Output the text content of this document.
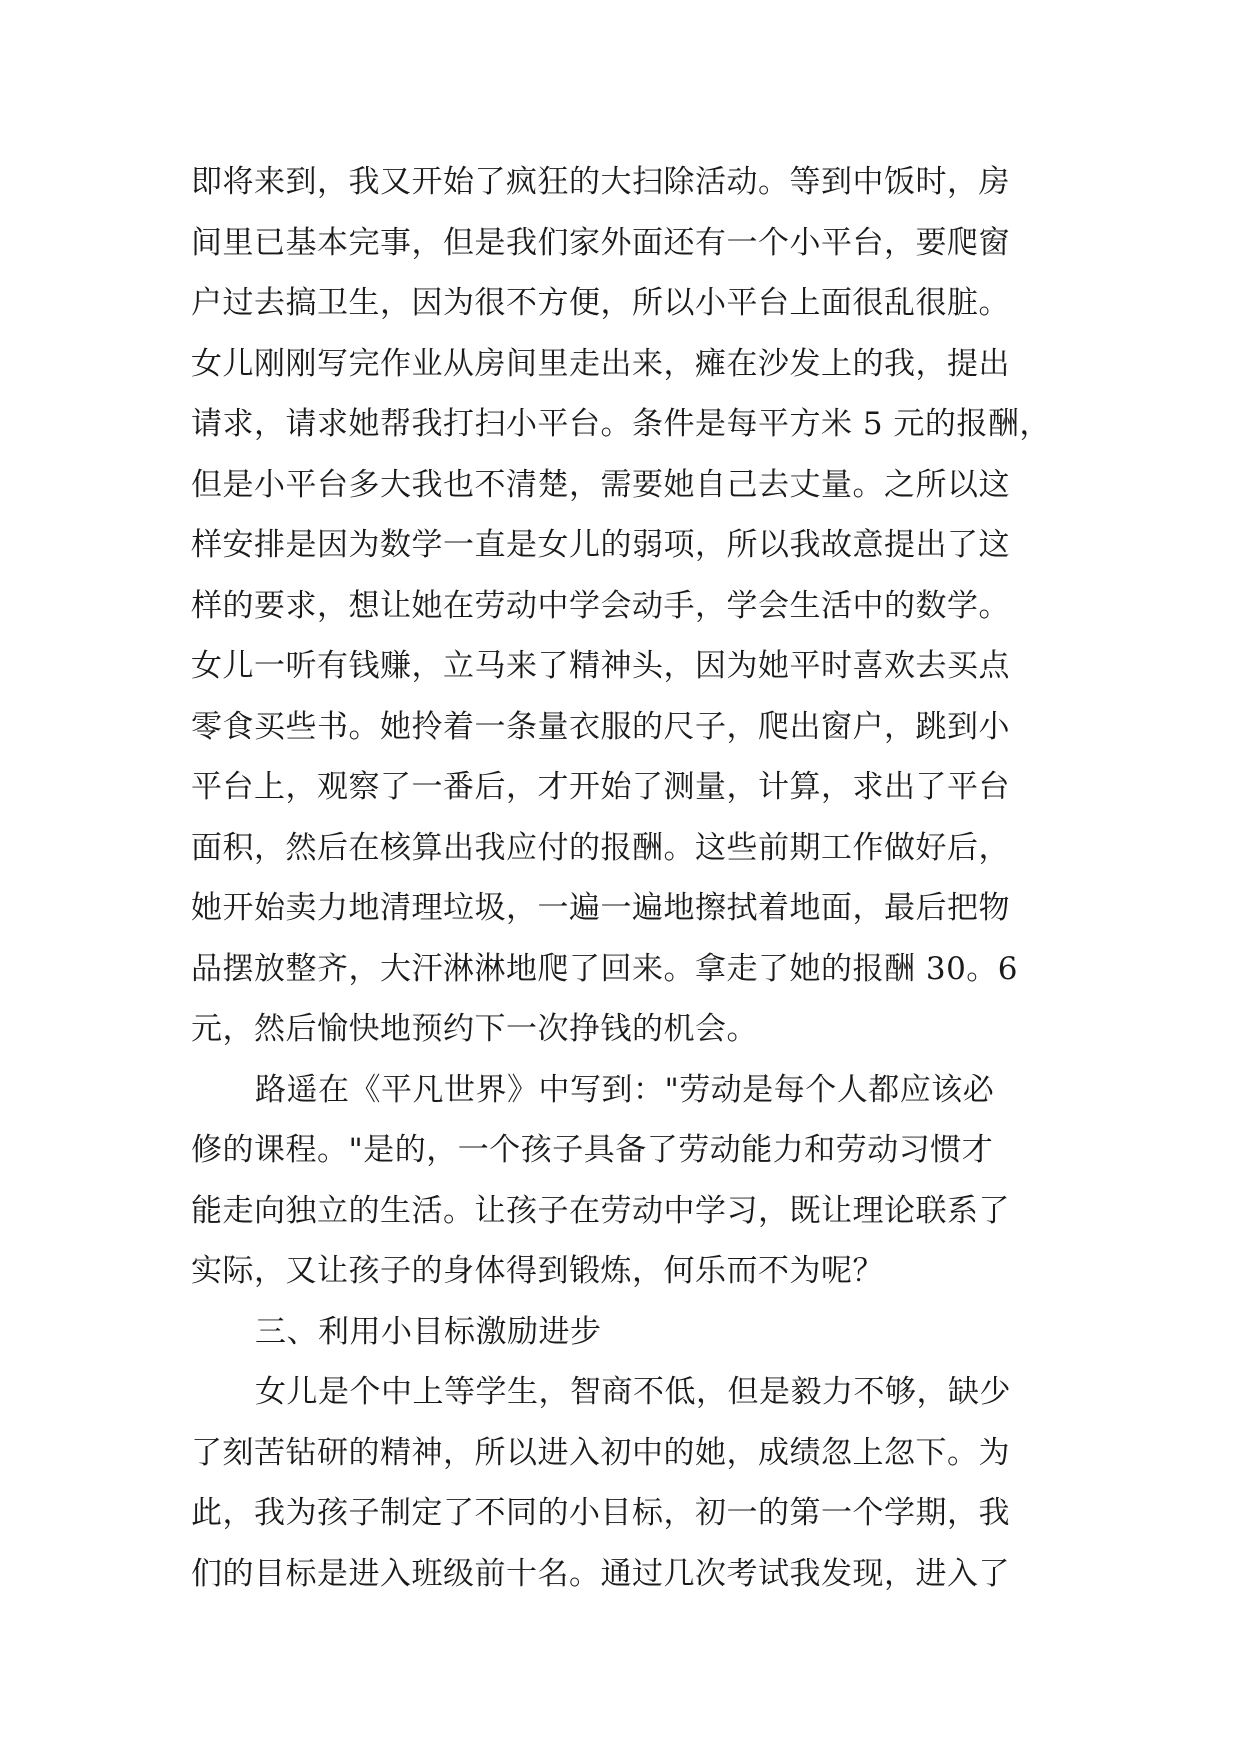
即将来到，我又开始了疯狂的大扫除活动。等到中饭时，房
间里已基本完事，但是我们家外面还有一个小平台，要爬窗
户过去搞卫生，因为很不方便，所以小平台上面很乱很脏。
女儿刚刚写完作业从房间里走出来，瘫在沙发上的我，提出
请求，请求她帮我打扫小平台。条件是每平方米 5 元的报酬，
但是小平台多大我也不清楚，需要她自己去丈量。之所以这
样安排是因为数学一直是女儿的弱项，所以我故意提出了这
样的要求，想让她在劳动中学会动手，学会生活中的数学。
女儿一听有钱赚，立马来了精神头，因为她平时喜欢去买点
零食买些书。她拎着一条量衣服的尺子，爬出窗户，跳到小
平台上，观察了一番后，才开始了测量，计算，求出了平台
面积，然后在核算出我应付的报酬。这些前期工作做好后，
她开始卖力地清理垃圾，一遍一遍地擦拭着地面，最后把物
品摆放整齐，大汗淋淋地爬了回来。拿走了她的报酬 30。6
元，然后愉快地预约下一次挣钱的机会。
路遥在《平凡世界》中写到："劳动是每个人都应该必
修的课程。"是的，一个孩子具备了劳动能力和劳动习惯才
能走向独立的生活。让孩子在劳动中学习，既让理论联系了
实际，又让孩子的身体得到锻炼，何乐而不为呢？
三、利用小目标激励进步
女儿是个中上等学生，智商不低，但是毅力不够，缺少
了刻苦钻研的精神，所以进入初中的她，成绩忽上忽下。为
此，我为孩子制定了不同的小目标，初一的第一个学期，我
们的目标是进入班级前十名。通过几次考试我发现，进入了
